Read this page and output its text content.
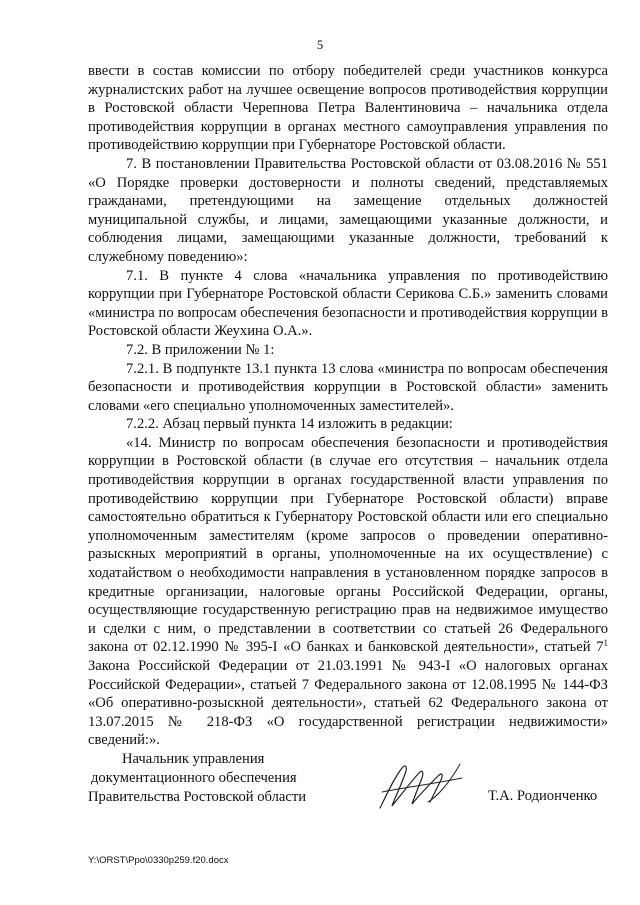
5

ввести в состав комиссии по отбору победителей среди участников конкурса журналистских работ на лучшее освещение вопросов противодействия коррупции в Ростовской области Черепнова Петра Валентиновича – начальника отдела противодействия коррупции в органах местного самоуправления управления по противодействию коррупции при Губернаторе Ростовской области.

7. В постановлении Правительства Ростовской области от 03.08.2016 № 551 «О Порядке проверки достоверности и полноты сведений, представляемых гражданами, претендующими на замещение отдельных должностей муниципальной службы, и лицами, замещающими указанные должности, и соблюдения лицами, замещающими указанные должности, требований к служебному поведению»:

7.1. В пункте 4 слова «начальника управления по противодействию коррупции при Губернаторе Ростовской области Серикова С.Б.» заменить словами «министра по вопросам обеспечения безопасности и противодействия коррупции в Ростовской области Жеухина О.А.».

7.2. В приложении № 1:

7.2.1. В подпункте 13.1 пункта 13 слова «министра по вопросам обеспечения безопасности и противодействия коррупции в Ростовской области» заменить словами «его специально уполномоченных заместителей».

7.2.2. Абзац первый пункта 14 изложить в редакции:

«14. Министр по вопросам обеспечения безопасности и противодействия коррупции в Ростовской области (в случае его отсутствия – начальник отдела противодействия коррупции в органах государственной власти управления по противодействию коррупции при Губернаторе Ростовской области) вправе самостоятельно обратиться к Губернатору Ростовской области или его специально уполномоченным заместителям (кроме запросов о проведении оперативно-разыскных мероприятий в органы, уполномоченные на их осуществление) с ходатайством о необходимости направления в установленном порядке запросов в кредитные организации, налоговые органы Российской Федерации, органы, осуществляющие государственную регистрацию прав на недвижимое имущество и сделки с ним, о представлении в соответствии со статьей 26 Федерального закона от 02.12.1990 № 395-I «О банках и банковской деятельности», статьей $7^1$ Закона Российской Федерации от 21.03.1991 № 943-I «О налоговых органах Российской Федерации», статьей 7 Федерального закона от 12.08.1995 № 144-ФЗ «Об оперативно-розыскной деятельности», статьей 62 Федерального закона от 13.07.2015 № 218-ФЗ «О государственной регистрации недвижимости» сведений:».

Начальник управления
документационного обеспечения
Правительства Ростовской области	Т.А. Родионченко
Y:\ORST\Ppo\0330p259.f20.docx
